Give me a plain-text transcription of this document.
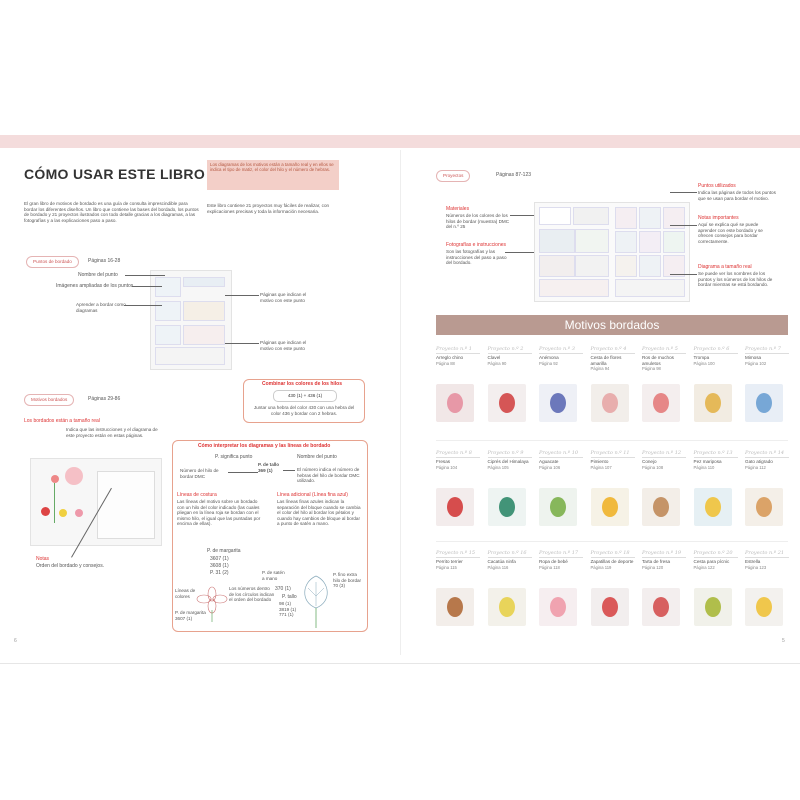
CÓMO USAR ESTE LIBRO
Los diagramas de los motivos están a tamaño real y en ellos se indica el tipo de matiz, el color del hilo y el número de hebras.
El gran libro de motivos de bordado es una guía de consulta imprescindible para bordar los diferentes diseños. Un libro que contiene las bases del bordado, los puntos de bordado y 21 proyectos ilustrados con todo detalle gracias a los diagramas, a las fotografías y a las explicaciones paso a paso.
Este libro contiene 21 proyectos muy fáciles de realizar, con explicaciones precisas y toda la información necesaria.
Puntos de bordado	Páginas 16-28
Nombre del punto
Imágenes ampliadas de los puntos
Aprender a bordar como diagramas
Páginas que indican el motivo con este punto
Páginas que indican el motivo con este punto
Motivos bordados	Páginas 29-86
Los bordados están a tamaño real
Indica que las instrucciones y el diagrama de este proyecto están en estas páginas.
Notas
Orden del bordado y consejos.
Combinar los colores de los hilos
430 (1) + 436 (1)
Juntar una hebra del color 430 con una hebra del color 436 y bordar con 2 hebras.
Cómo interpretar los diagramas y las líneas de bordado
P. significa punto
Número del hilo de bordar DMC
P. de tallo 369 (1)
Nombre del punto
El número indica el número de hebras del hilo de bordar DMC utilizado.
Líneas de costura
Las líneas del motivo sobre un bordado con un hilo del color indicado (las cuales pliegan en la línea roja se bordan con el mismo hilo, el igual que las puntadas por encima de ellas).
Línea adicional (Línea fina azul)
Las líneas finas azules indican la separación del bloque cuando se cambia el color del hilo al bordar los pétalos y cuando hay cambios de bloque al bordar a punto de satén a mano.
P. de margarita
3607 (1)
3608 (1)
P. 31 (2)	P. de satén a mano
370 (1)
P. tallo
98 (1) 3819 (1) 771 (1)
P. fino extra hilo de bordar 70 (3)
Líneas de colores
Los números dentro de los círculos indican el orden del bordado
P. de margarita 3607 (1)
6
Proyectos	Páginas 87-123
Materiales
Números de los colores de los hilos de bordar (muestra) DMC del n.º 25
Fotografías e instrucciones
Son las fotografías y las instrucciones del paso a paso del bordado.
Puntos utilizados
Indica las páginas de todos los puntos que se usan para bordar el motivo.
Notas importantes
Aquí se explica qué se puede aprender con este bordado y se ofrecen consejos para bordar correctamente.
Diagrama a tamaño real
Se puede ver los nombres de los puntos y los números de los hilos de bordar mientras se está bordando.
Motivos bordados
Proyecto n.º 1
Arreglo chino
Página 88
Proyecto n.º 2
Clavel
Página 90
Proyecto n.º 3
Anémona
Página 92
Proyecto n.º 4
Cesta de flores amarilla
Página 94
Proyecto n.º 5
Ros de muchos amuletos
Página 98
Proyecto n.º 6
Trompa
Página 100
Proyecto n.º 7
Mimosa
Página 102
Proyecto n.º 8
Fresas
Página 104
Proyecto n.º 9
Ciprés del Himalaya
Página 105
Proyecto n.º 10
Aguacate
Página 106
Proyecto n.º 11
Pimiento
Página 107
Proyecto n.º 12
Conejo
Página 108
Proyecto n.º 13
Pez mariposa
Página 110
Proyecto n.º 14
Gato atigrado
Página 112
Proyecto n.º 15
Perrito terrier
Página 115
Proyecto n.º 16
Cacatúa ninfa
Página 116
Proyecto n.º 17
Ropa de bebé
Página 118
Proyecto n.º 18
Zapatillas de deporte
Página 119
Proyecto n.º 19
Tarta de fresa
Página 120
Proyecto n.º 20
Cesta para pícnic
Página 122
Proyecto n.º 21
Estrella
Página 123
5
